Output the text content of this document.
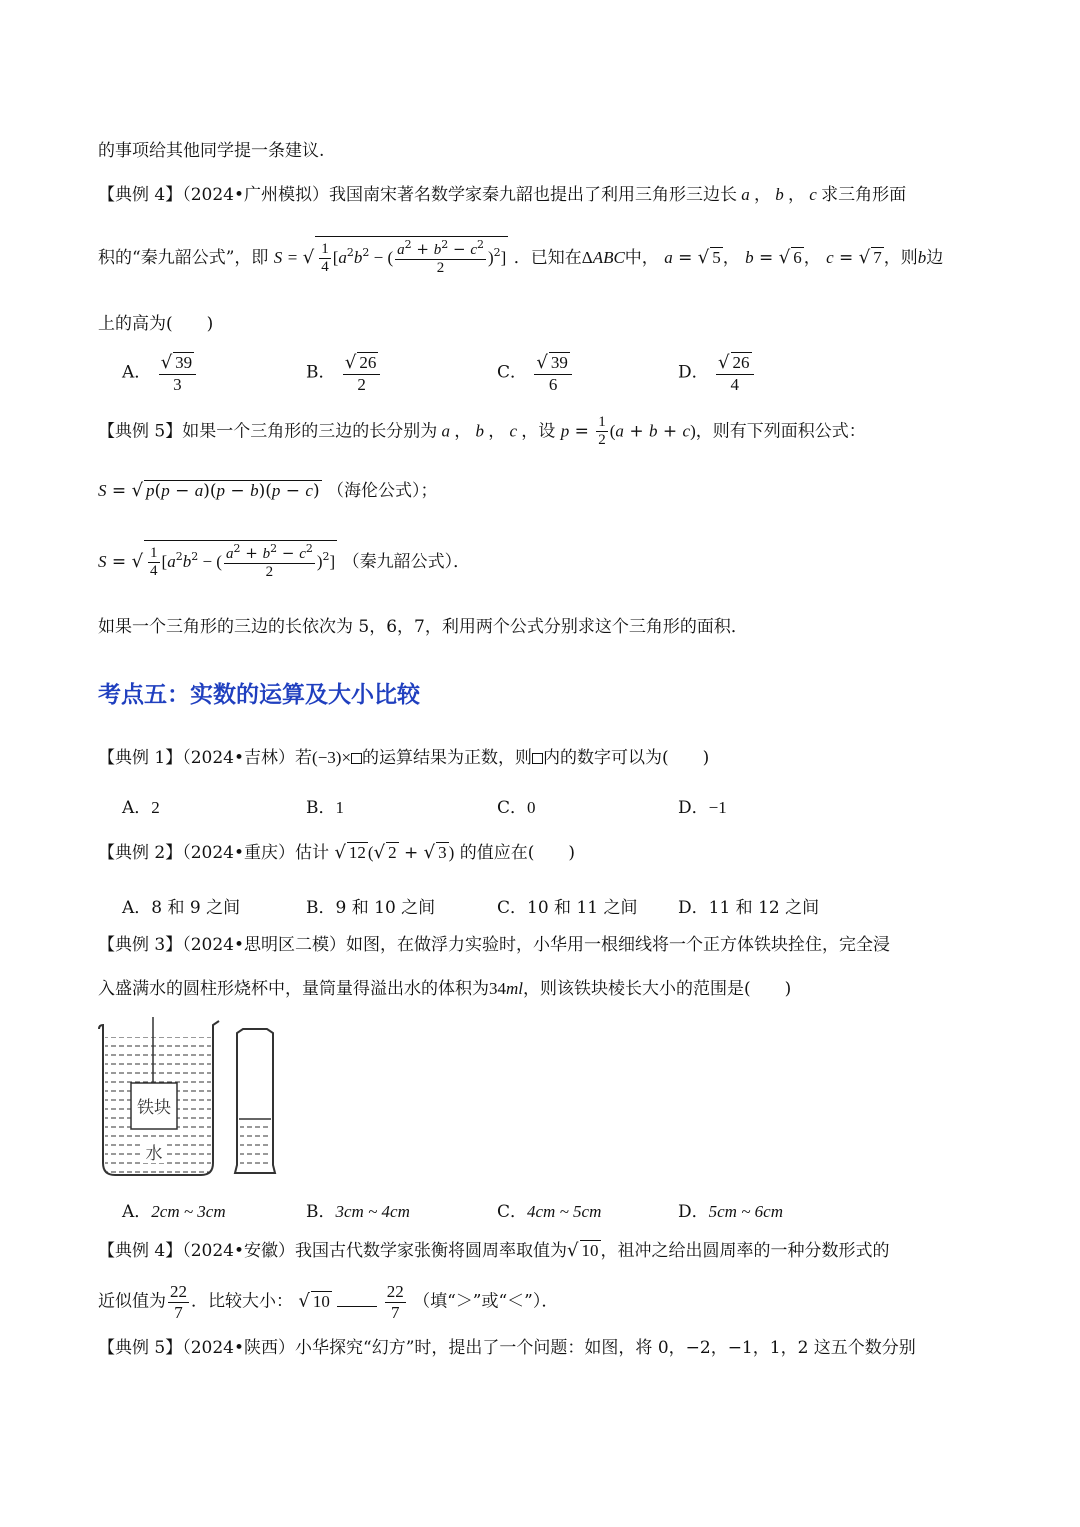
的事项给其他同学提一条建议.
【典例 4】（2024•广州模拟）我国南宋著名数学家秦九韶也提出了利用三角形三边长 a ， b ， c 求三角形面
积的“秦九韶公式”，即 S = √ $\frac{1}{4} [a^2b^2$ − ( $\frac{a^2 + b^2 - c^2}{2} )^2$] ．已知在ΔABC中， a = √ 5 ， b = √ 6 ， c = √ 7 ，则b边
上的高为(　　)
A． $\frac{√ 39}{3}$	B． $\frac{√ 26}{2}$	C． $\frac{√ 39}{6}$	D． $\frac{√ 26}{4}$
【典例 5】如果一个三角形的三边的长分别为 a ， b ， c ，设 $p = \frac{1}{2} (a + b + c)$，则有下列面积公式：
S = √ p(p − a)(p − b)(p − c) （海伦公式）；
S = √ $\frac{1}{4} [a^2b^2$ − ( $\frac{a^2 + b^2 - c^2}{2} )^2$] （秦九韶公式）．
如果一个三角形的三边的长依次为 5，6，7，利用两个公式分别求这个三角形的面积．
考点五：实数的运算及大小比较
【典例 1】（2024•吉林）若(−3)× 的运算结果为正数，则 内的数字可以为(　　)
A．2	B．1	C．0	D．−1
【典例 2】（2024•重庆）估计 √ 12 (√ 2 + √ 3 ) 的值应在(　　)
A．8 和 9 之间	B．9 和 10 之间	C．10 和 11 之间 D．11 和 12 之间
【典例 3】（2024•思明区二模）如图，在做浮力实验时，小华用一根细线将一个正方体铁块拴住，完全浸
入盛满水的圆柱形烧杯中，量筒量得溢出水的体积为34ml，则该铁块棱长大小的范围是(　　)
铁块
水
A．2cm ~ 3cm	B．3cm ~ 4cm	C．4cm ~ 5cm	D．5cm ~ 6cm
【典例 4】（2024•安徽）我国古代数学家张衡将圆周率取值为√ 10 ，祖冲之给出圆周率的一种分数形式的
近似值为 $\frac{22}{7}$ ．比较大小： √ 10	$\frac{22}{7}$ （填“＞”或“＜”）．
【典例 5】（2024•陕西）小华探究“幻方”时，提出了一个问题：如图，将 0，−2，−1，1，2 这五个数分别
